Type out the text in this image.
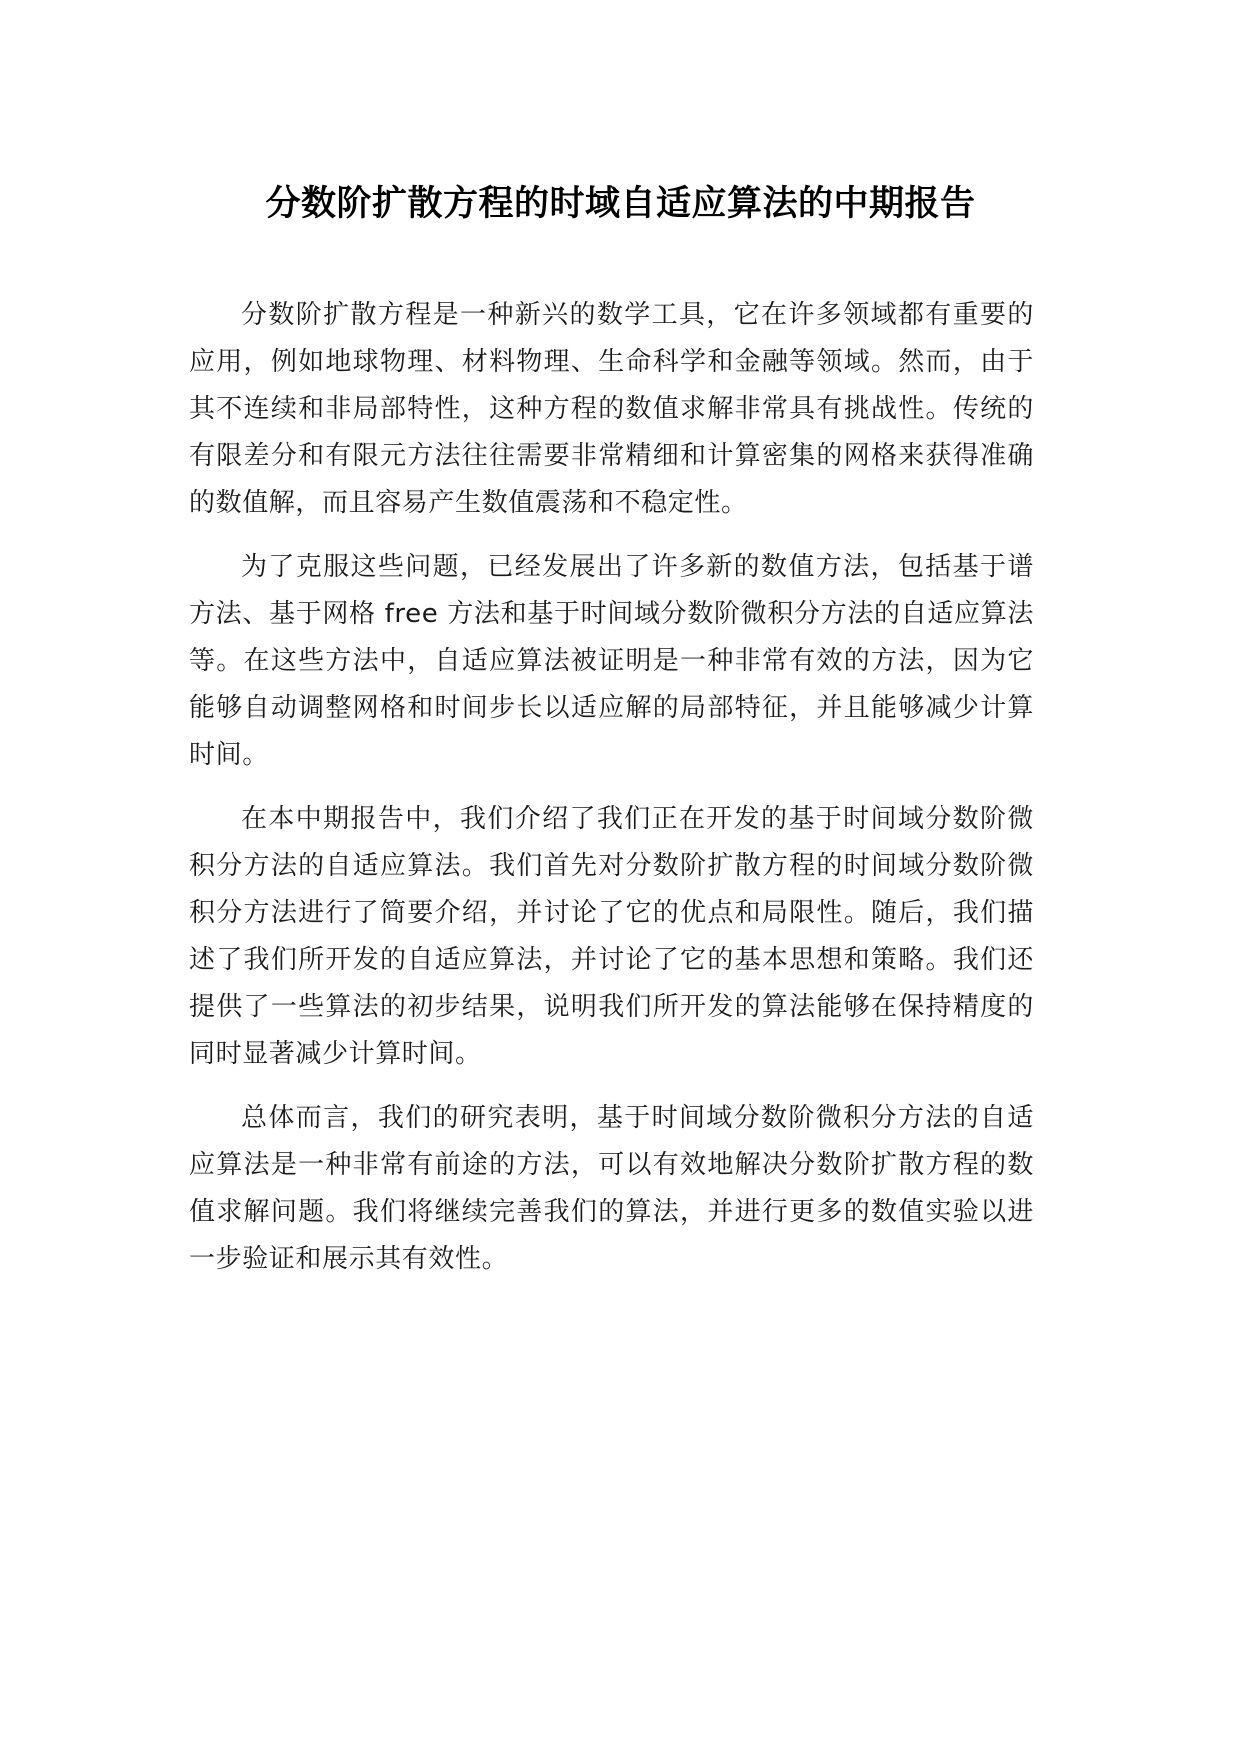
分数阶扩散方程的时域自适应算法的中期报告

分数阶扩散方程是一种新兴的数学工具，它在许多领域都有重要的应用，例如地球物理、材料物理、生命科学和金融等领域。然而，由于其不连续和非局部特性，这种方程的数值求解非常具有挑战性。传统的有限差分和有限元方法往往需要非常精细和计算密集的网格来获得准确的数值解，而且容易产生数值震荡和不稳定性。

为了克服这些问题，已经发展出了许多新的数值方法，包括基于谱方法、基于网格 free 方法和基于时间域分数阶微积分方法的自适应算法等。在这些方法中，自适应算法被证明是一种非常有效的方法，因为它能够自动调整网格和时间步长以适应解的局部特征，并且能够减少计算时间。

在本中期报告中，我们介绍了我们正在开发的基于时间域分数阶微积分方法的自适应算法。我们首先对分数阶扩散方程的时间域分数阶微积分方法进行了简要介绍，并讨论了它的优点和局限性。随后，我们描述了我们所开发的自适应算法，并讨论了它的基本思想和策略。我们还提供了一些算法的初步结果，说明我们所开发的算法能够在保持精度的同时显著减少计算时间。

总体而言，我们的研究表明，基于时间域分数阶微积分方法的自适应算法是一种非常有前途的方法，可以有效地解决分数阶扩散方程的数值求解问题。我们将继续完善我们的算法，并进行更多的数值实验以进一步验证和展示其有效性。
